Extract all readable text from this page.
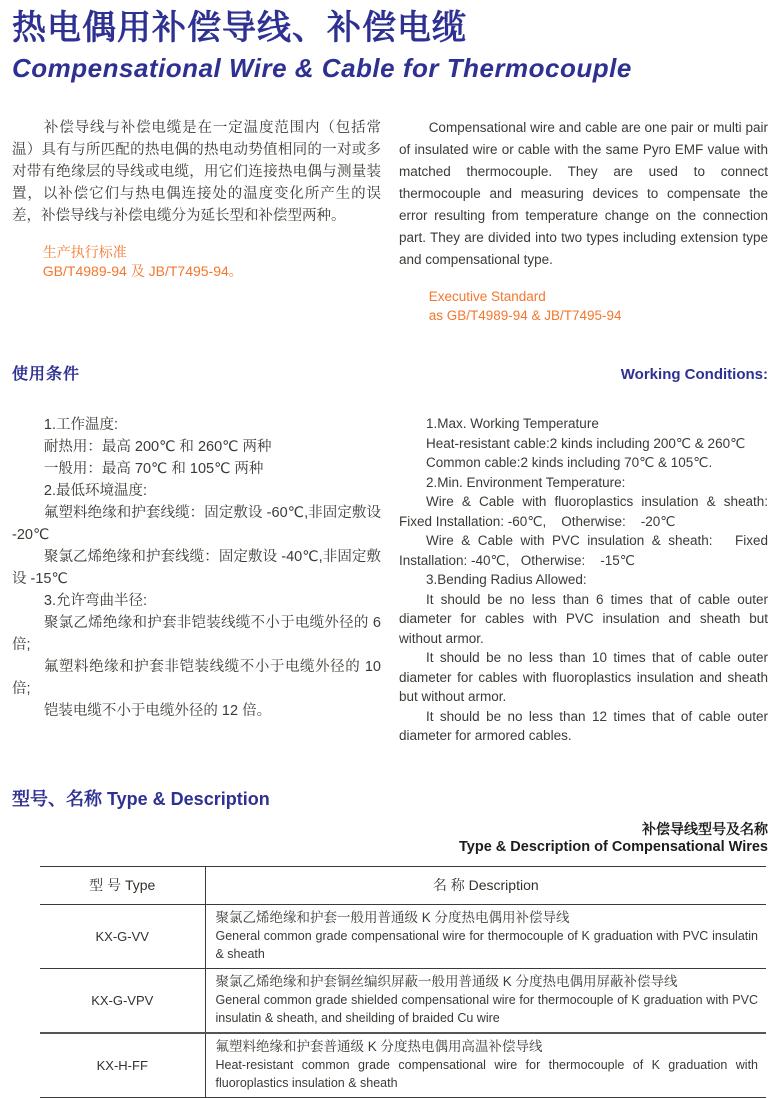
热电偶用补偿导线、补偿电缆
Compensational Wire & Cable for Thermocouple

补偿导线与补偿电缆是在一定温度范围内（包括常温）具有与所匹配的热电偶的热电动势值相同的一对或多对带有绝缘层的导线或电缆，用它们连接热电偶与测量装置，以补偿它们与热电偶连接处的温度变化所产生的误差，补偿导线与补偿电缆分为延长型和补偿型两种。

生产执行标准
GB/T4989-94 及 JB/T7495-94。

Compensational wire and cable are one pair or multi pair of insulated wire or cable with the same Pyro EMF value with matched thermocouple. They are used to connect thermocouple and measuring devices to compensate the error resulting from temperature change on the connection part. They are divided into two types including extension type and compensational type.

Executive Standard
as GB/T4989-94 & JB/T7495-94
使用条件	Working Conditions:

1.工作温度:

耐热用：最高 200℃ 和 260℃ 两种

一般用：最高 70℃ 和 105℃ 两种

2.最低环境温度:

氟塑料绝缘和护套线缆：固定敷设 -60℃,非固定敷设 -20℃

聚氯乙烯绝缘和护套线缆：固定敷设 -40℃,非固定敷设 -15℃

3.允许弯曲半径:

聚氯乙烯绝缘和护套非铠装线缆不小于电缆外径的 6 倍;

氟塑料绝缘和护套非铠装线缆不小于电缆外径的 10 倍;

铠装电缆不小于电缆外径的 12 倍。

1.Max. Working Temperature

Heat-resistant cable:2 kinds including 200℃ & 260℃

Common cable:2 kinds including 70℃ & 105℃.

2.Min. Environment Temperature:

Wire & Cable with fluoroplastics insulation & sheath: Fixed Installation: -60℃,    Otherwise:    -20℃

Wire & Cable with PVC insulation & sheath:   Fixed Installation: -40℃,   Otherwise:    -15℃

3.Bending Radius Allowed:

It should be no less than 6 times that of cable outer diameter for cables with PVC insulation and sheath but without armor.

It should be no less than 10 times that of cable outer diameter for cables with fluoroplastics insulation and sheath but without armor.

It should be no less than 12 times that of cable outer diameter for armored cables.

型号、名称 Type & Description
补偿导线型号及名称
Type & Description of Compensational Wires
型 号 Type	名 称 Description
KX-G-VV	聚氯乙烯绝缘和护套一般用普通级 K 分度热电偶用补偿导线
General common grade compensational wire for thermocouple of K graduation with PVC insulatin & sheath

KX-G-VPV	聚氯乙烯绝缘和护套铜丝编织屏蔽一般用普通级 K 分度热电偶用屏蔽补偿导线
General common grade shielded compensational wire for thermocouple of K graduation with PVC insulatin & sheath, and sheilding of braided Cu wire

KX-H-FF	氟塑料绝缘和护套普通级 K 分度热电偶用高温补偿导线
Heat-resistant common grade compensational wire for thermocouple of K graduation with fluoroplastics insulation & sheath
